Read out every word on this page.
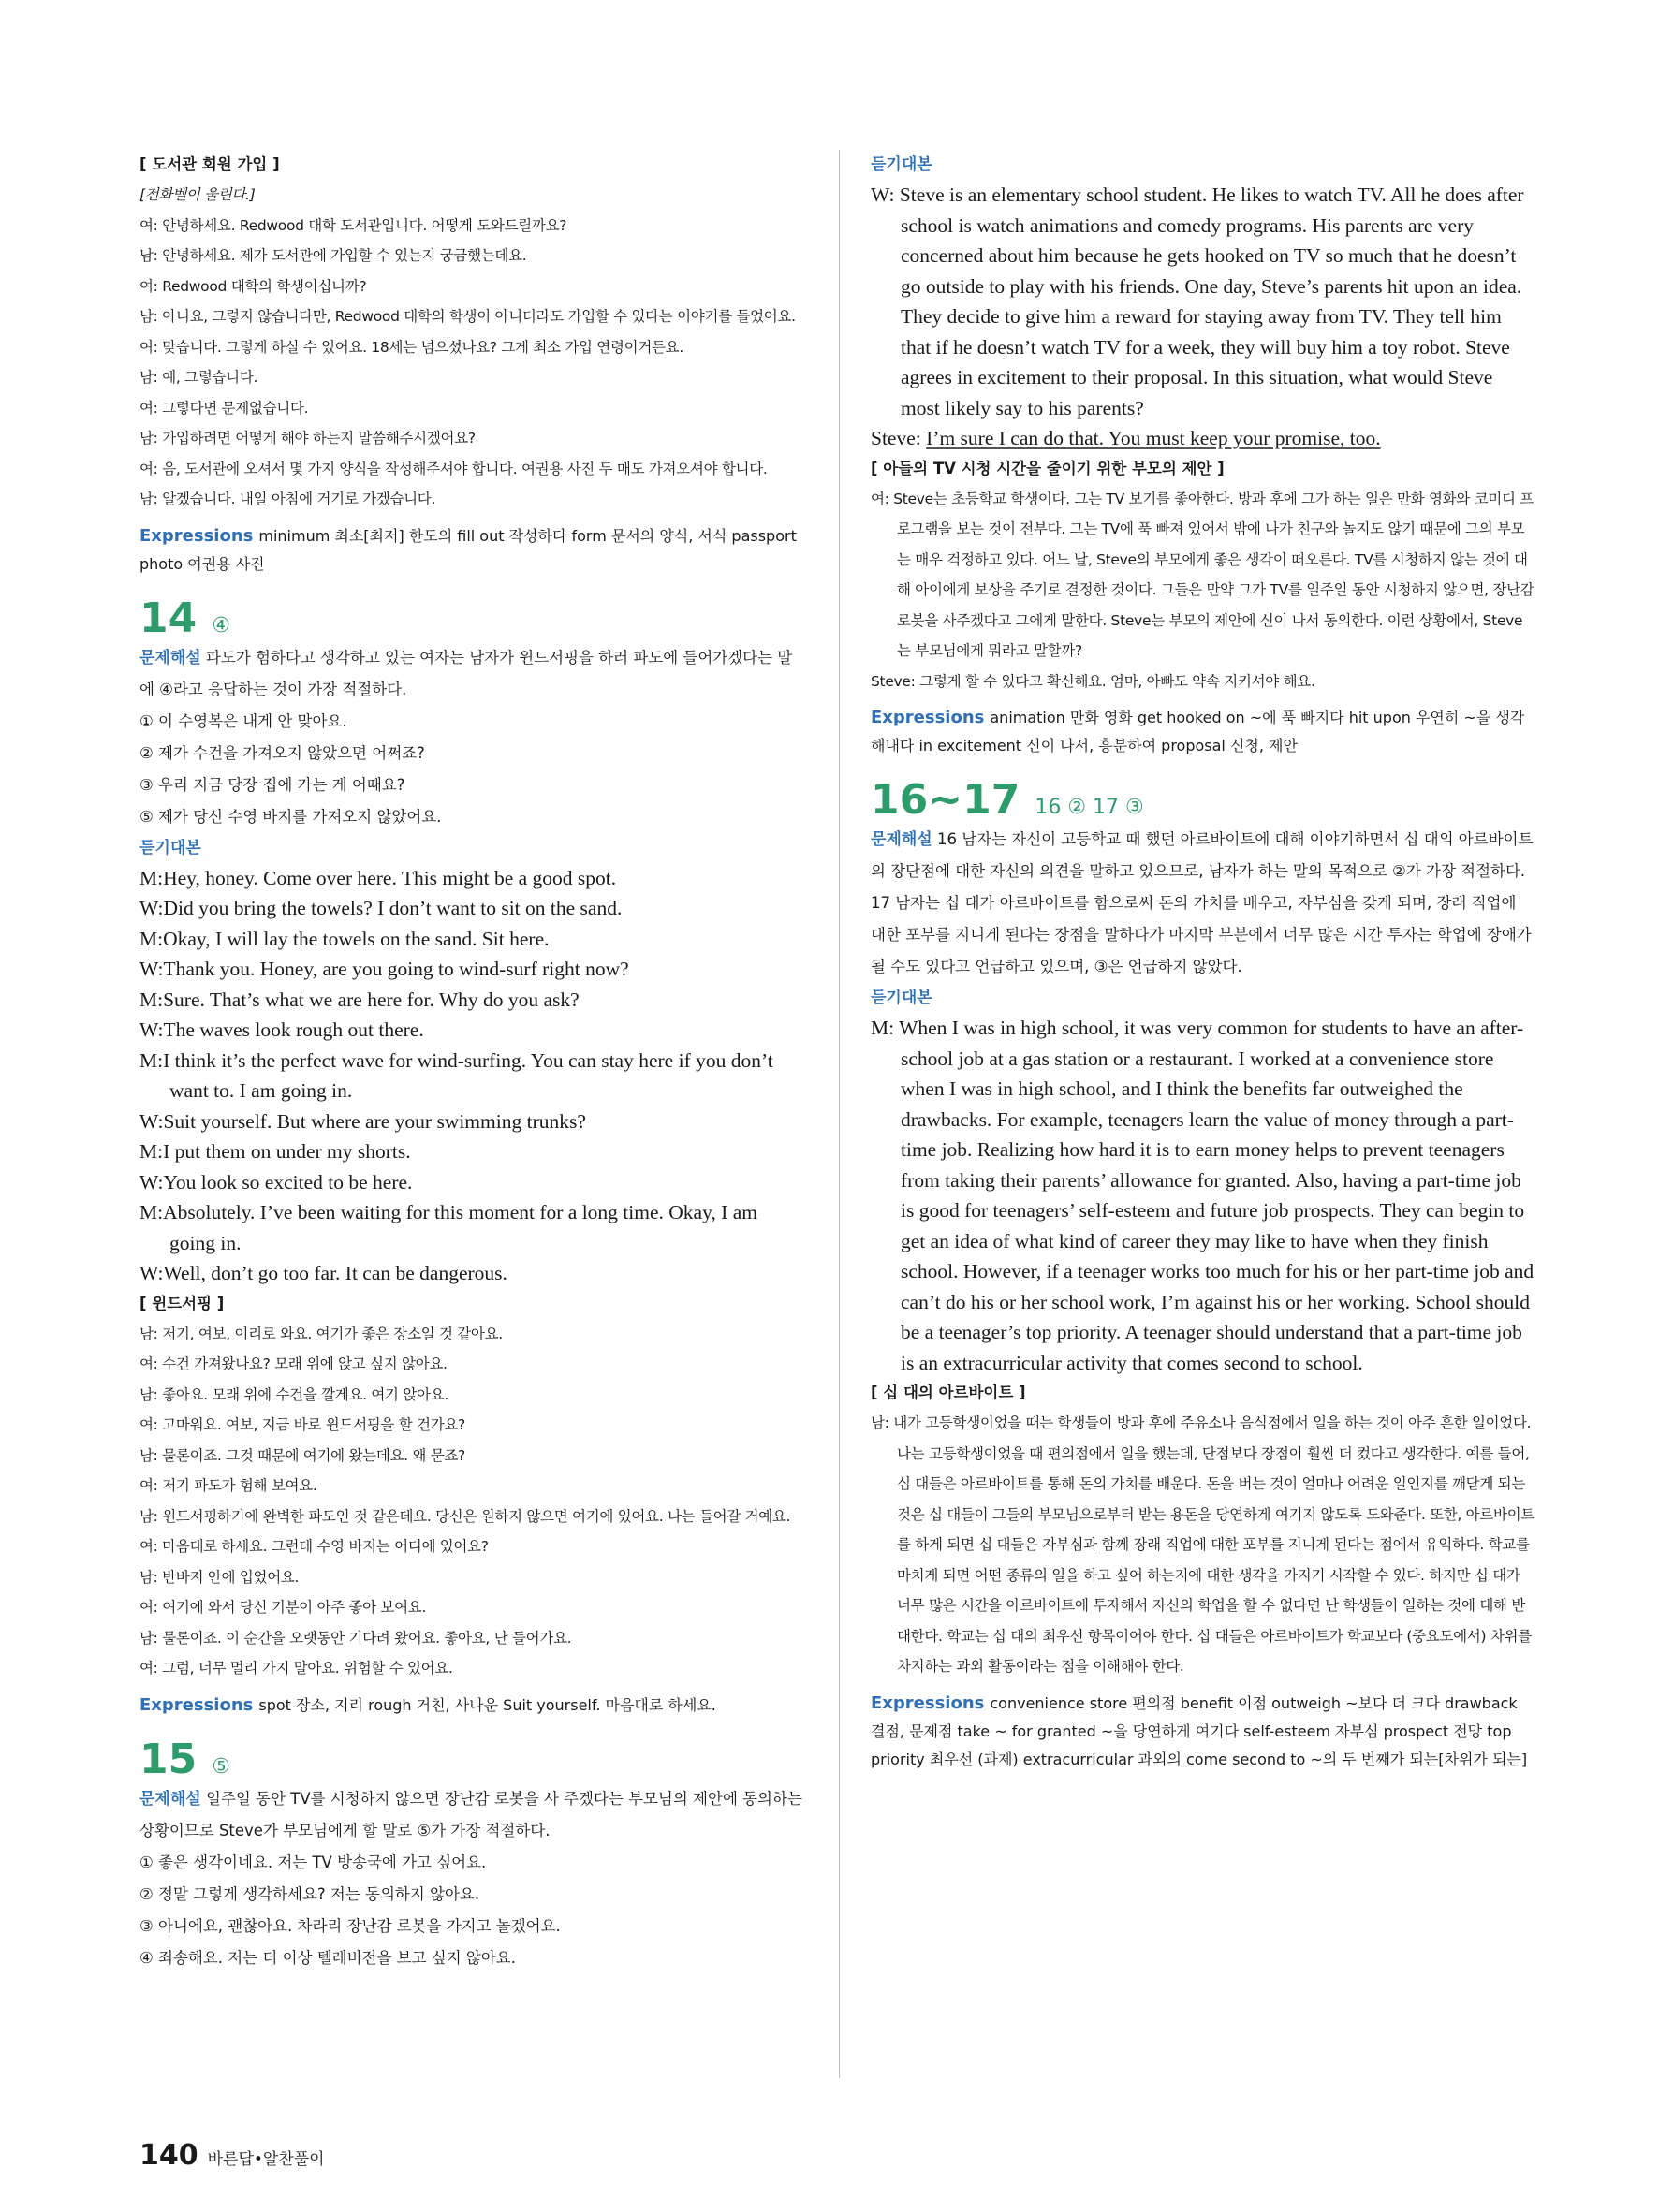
[ 도서관 회원 가입 ]
[전화벨이 울린다.]
여: 안녕하세요. Redwood 대학 도서관입니다. 어떻게 도와드릴까요?
남: 안녕하세요. 제가 도서관에 가입할 수 있는지 궁금했는데요.
여: Redwood 대학의 학생이십니까?
남: 아니요, 그렇지 않습니다만, Redwood 대학의 학생이 아니더라도 가입할 수 있다는 이야기를 들었어요.
여: 맞습니다. 그렇게 하실 수 있어요. 18세는 넘으셨나요? 그게 최소 가입 연령이거든요.
남: 예, 그렇습니다.
여: 그렇다면 문제없습니다.
남: 가입하려면 어떻게 해야 하는지 말씀해주시겠어요?
여: 음, 도서관에 오셔서 몇 가지 양식을 작성해주셔야 합니다. 여권용 사진 두 매도 가져오셔야 합니다.
남: 알겠습니다. 내일 아침에 거기로 가겠습니다.
Expressions minimum 최소[최저] 한도의 fill out 작성하다 form 문서의 양식, 서식 passport photo 여권용 사진
14 ④
문제해설 파도가 험하다고 생각하고 있는 여자는 남자가 윈드서핑을 하러 파도에 들어가겠다는 말에 ④라고 응답하는 것이 가장 적절하다.
① 이 수영복은 내게 안 맞아요.
② 제가 수건을 가져오지 않았으면 어쩌죠?
③ 우리 지금 당장 집에 가는 게 어때요?
⑤ 제가 당신 수영 바지를 가져오지 않았어요.
듣기대본
M:Hey, honey. Come over here. This might be a good spot.
W:Did you bring the towels? I don’t want to sit on the sand.
M:Okay, I will lay the towels on the sand. Sit here.
W:Thank you. Honey, are you going to wind-surf right now?
M:Sure. That’s what we are here for. Why do you ask?
W:The waves look rough out there.
M:I think it’s the perfect wave for wind-surfing. You can stay here if you don’t want to. I am going in.
W:Suit yourself. But where are your swimming trunks?
M:I put them on under my shorts.
W:You look so excited to be here.
M:Absolutely. I’ve been waiting for this moment for a long time. Okay, I am going in.
W:Well, don’t go too far. It can be dangerous.
[ 윈드서핑 ]
남: 저기, 여보, 이리로 와요. 여기가 좋은 장소일 것 같아요.
여: 수건 가져왔나요? 모래 위에 앉고 싶지 않아요.
남: 좋아요. 모래 위에 수건을 깔게요. 여기 앉아요.
여: 고마워요. 여보, 지금 바로 윈드서핑을 할 건가요?
남: 물론이죠. 그것 때문에 여기에 왔는데요. 왜 묻죠?
여: 저기 파도가 험해 보여요.
남: 윈드서핑하기에 완벽한 파도인 것 같은데요. 당신은 원하지 않으면 여기에 있어요. 나는 들어갈 거예요.
여: 마음대로 하세요. 그런데 수영 바지는 어디에 있어요?
남: 반바지 안에 입었어요.
여: 여기에 와서 당신 기분이 아주 좋아 보여요.
남: 물론이죠. 이 순간을 오랫동안 기다려 왔어요. 좋아요, 난 들어가요.
여: 그럼, 너무 멀리 가지 말아요. 위험할 수 있어요.
Expressions spot 장소, 지리 rough 거친, 사나운 Suit yourself. 마음대로 하세요.
15 ⑤
문제해설 일주일 동안 TV를 시청하지 않으면 장난감 로봇을 사 주겠다는 부모님의 제안에 동의하는 상황이므로 Steve가 부모님에게 할 말로 ⑤가 가장 적절하다.
① 좋은 생각이네요. 저는 TV 방송국에 가고 싶어요.
② 정말 그렇게 생각하세요? 저는 동의하지 않아요.
③ 아니에요, 괜찮아요. 차라리 장난감 로봇을 가지고 놀겠어요.
④ 죄송해요. 저는 더 이상 텔레비전을 보고 싶지 않아요.
듣기대본
W: Steve is an elementary school student. He likes to watch TV. All he does after school is watch animations and comedy programs. His parents are very concerned about him because he gets hooked on TV so much that he doesn’t go outside to play with his friends. One day, Steve’s parents hit upon an idea. They decide to give him a reward for staying away from TV. They tell him that if he doesn’t watch TV for a week, they will buy him a toy robot. Steve agrees in excitement to their proposal. In this situation, what would Steve most likely say to his parents?
Steve: I’m sure I can do that. You must keep your promise, too.
[ 아들의 TV 시청 시간을 줄이기 위한 부모의 제안 ]
여: Steve는 초등학교 학생이다. 그는 TV 보기를 좋아한다. 방과 후에 그가 하는 일은 만화 영화와 코미디 프로그램을 보는 것이 전부다. 그는 TV에 푹 빠져 있어서 밖에 나가 친구와 놀지도 않기 때문에 그의 부모는 매우 걱정하고 있다. 어느 날, Steve의 부모에게 좋은 생각이 떠오른다. TV를 시청하지 않는 것에 대해 아이에게 보상을 주기로 결정한 것이다. 그들은 만약 그가 TV를 일주일 동안 시청하지 않으면, 장난감 로봇을 사주겠다고 그에게 말한다. Steve는 부모의 제안에 신이 나서 동의한다. 이런 상황에서, Steve는 부모님에게 뭐라고 말할까?
Steve: 그렇게 할 수 있다고 확신해요. 엄마, 아빠도 약속 지키셔야 해요.
Expressions animation 만화 영화 get hooked on ~에 푹 빠지다 hit upon 우연히 ~을 생각해내다 in excitement 신이 나서, 흥분하여 proposal 신청, 제안
16~17 16 ② 17 ③
문제해설 16 남자는 자신이 고등학교 때 했던 아르바이트에 대해 이야기하면서 십 대의 아르바이트의 장단점에 대한 자신의 의견을 말하고 있으므로, 남자가 하는 말의 목적으로 ②가 가장 적절하다.
17 남자는 십 대가 아르바이트를 함으로써 돈의 가치를 배우고, 자부심을 갖게 되며, 장래 직업에 대한 포부를 지니게 된다는 장점을 말하다가 마지막 부분에서 너무 많은 시간 투자는 학업에 장애가 될 수도 있다고 언급하고 있으며, ③은 언급하지 않았다.
듣기대본
M: When I was in high school, it was very common for students to have an after-school job at a gas station or a restaurant. I worked at a convenience store when I was in high school, and I think the benefits far outweighed the drawbacks. For example, teenagers learn the value of money through a part-time job. Realizing how hard it is to earn money helps to prevent teenagers from taking their parents’ allowance for granted. Also, having a part-time job is good for teenagers’ self-esteem and future job prospects. They can begin to get an idea of what kind of career they may like to have when they finish school. However, if a teenager works too much for his or her part-time job and can’t do his or her school work, I’m against his or her working. School should be a teenager’s top priority. A teenager should understand that a part-time job is an extracurricular activity that comes second to school.
[ 십 대의 아르바이트 ]
남: 내가 고등학생이었을 때는 학생들이 방과 후에 주유소나 음식점에서 일을 하는 것이 아주 흔한 일이었다. 나는 고등학생이었을 때 편의점에서 일을 했는데, 단점보다 장점이 훨씬 더 컸다고 생각한다. 예를 들어, 십 대들은 아르바이트를 통해 돈의 가치를 배운다. 돈을 버는 것이 얼마나 어려운 일인지를 깨닫게 되는 것은 십 대들이 그들의 부모님으로부터 받는 용돈을 당연하게 여기지 않도록 도와준다. 또한, 아르바이트를 하게 되면 십 대들은 자부심과 함께 장래 직업에 대한 포부를 지니게 된다는 점에서 유익하다. 학교를 마치게 되면 어떤 종류의 일을 하고 싶어 하는지에 대한 생각을 가지기 시작할 수 있다. 하지만 십 대가 너무 많은 시간을 아르바이트에 투자해서 자신의 학업을 할 수 없다면 난 학생들이 일하는 것에 대해 반대한다. 학교는 십 대의 최우선 항목이어야 한다. 십 대들은 아르바이트가 학교보다 (중요도에서) 차위를 차지하는 과외 활동이라는 점을 이해해야 한다.
Expressions convenience store 편의점 benefit 이점 outweigh ~보다 더 크다 drawback 결점, 문제점 take ~ for granted ~을 당연하게 여기다 self-esteem 자부심 prospect 전망 top priority 최우선 (과제) extracurricular 과외의 come second to ~의 두 번째가 되는[차위가 되는]
140 바른답•알찬풀이
